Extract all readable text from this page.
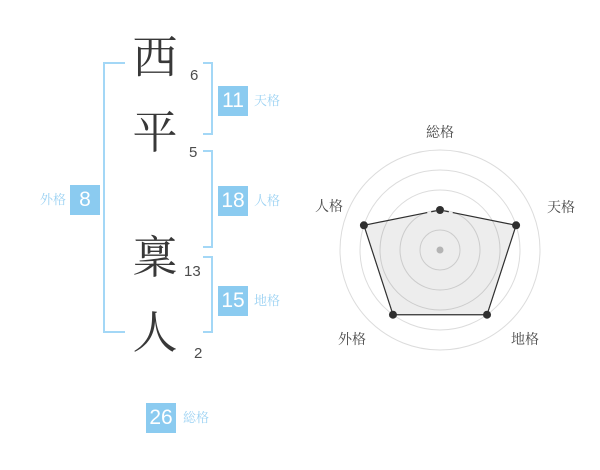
西
平
稟
人
6
5
13
2
11 天格
18 人格
15 地格
外格 8
26 総格
総格
天格
地格
外格
人格
